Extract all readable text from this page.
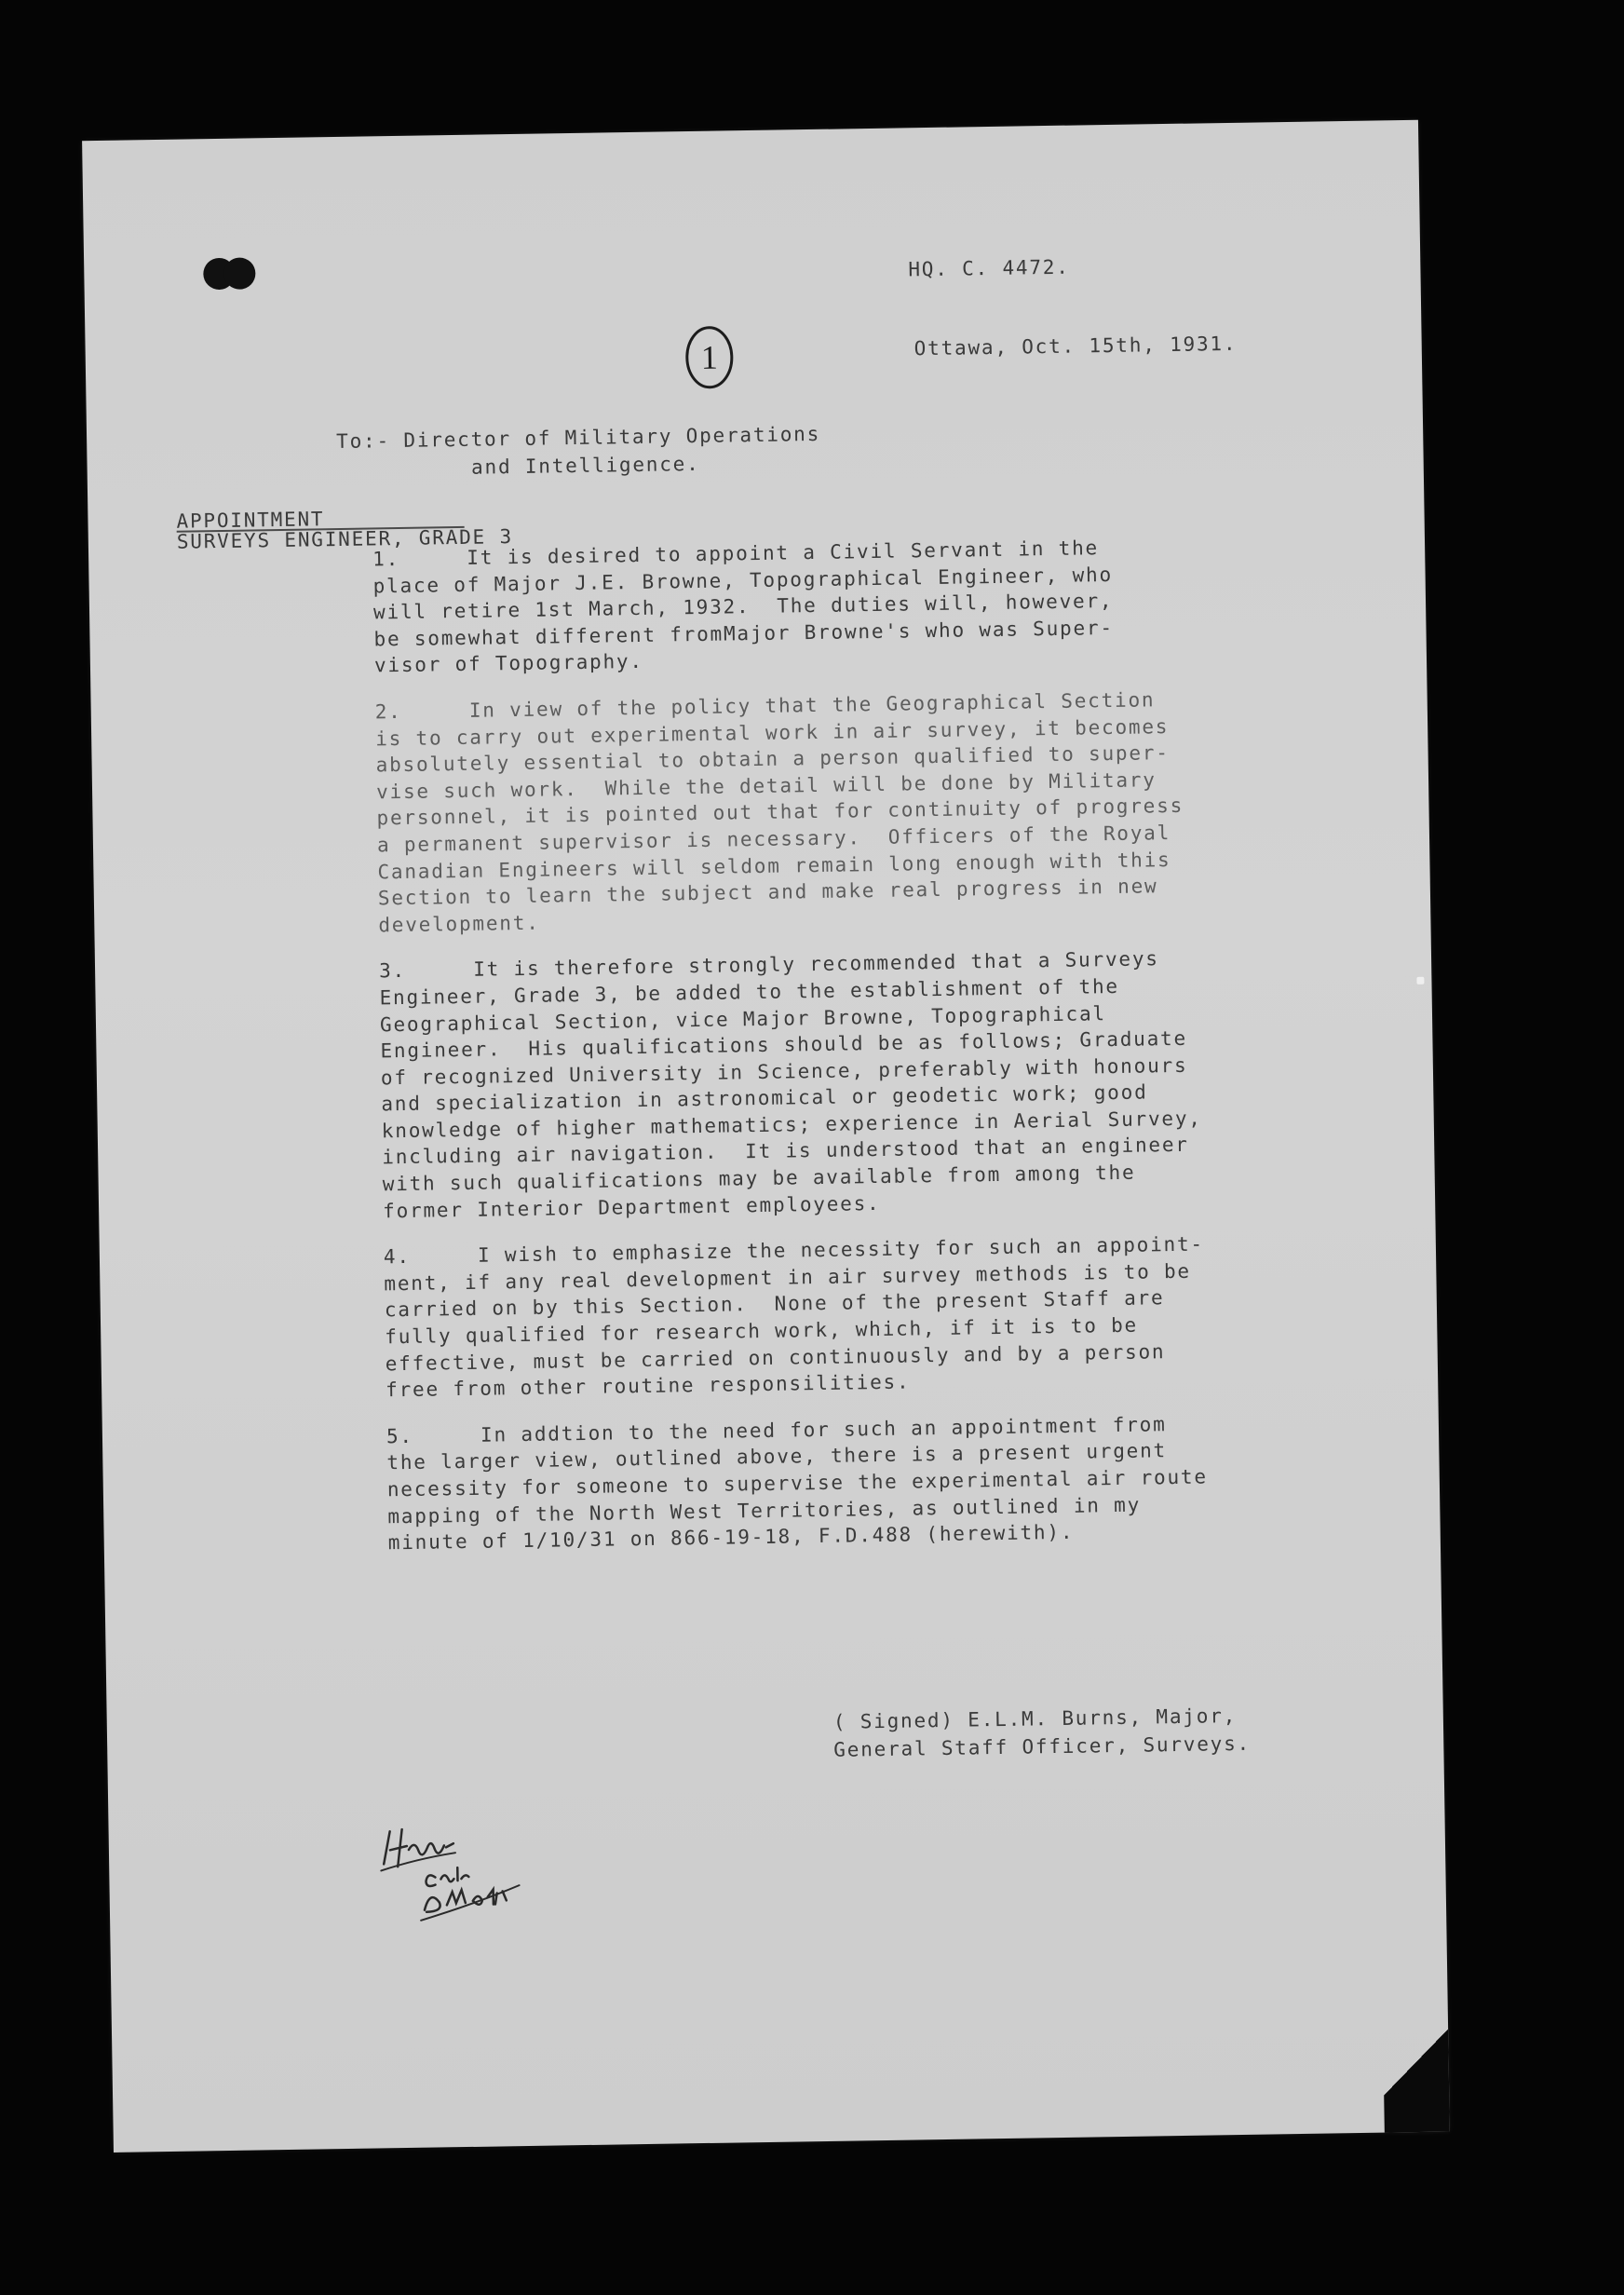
HQ. C. 4472.
Ottawa, Oct. 15th, 1931.
1
To:- Director of Military Operations
and Intelligence.
APPOINTMENT
SURVEYS ENGINEER, GRADE 3
1.     It is desired to appoint a Civil Servant in the
place of Major J.E. Browne, Topographical Engineer, who
will retire 1st March, 1932.  The duties will, however,
be somewhat different fromMajor Browne's who was Super-
visor of Topography.
2.     In view of the policy that the Geographical Section
is to carry out experimental work in air survey, it becomes
absolutely essential to obtain a person qualified to super-
vise such work.  While the detail will be done by Military
personnel, it is pointed out that for continuity of progress
a permanent supervisor is necessary.  Officers of the Royal
Canadian Engineers will seldom remain long enough with this
Section to learn the subject and make real progress in new
development.
3.     It is therefore strongly recommended that a Surveys
Engineer, Grade 3, be added to the establishment of the
Geographical Section, vice Major Browne, Topographical
Engineer.  His qualifications should be as follows; Graduate
of recognized University in Science, preferably with honours
and specialization in astronomical or geodetic work; good
knowledge of higher mathematics; experience in Aerial Survey,
including air navigation.  It is understood that an engineer
with such qualifications may be available from among the
former Interior Department employees.
4.     I wish to emphasize the necessity for such an appoint-
ment, if any real development in air survey methods is to be
carried on by this Section.  None of the present Staff are
fully qualified for research work, which, if it is to be
effective, must be carried on continuously and by a person
free from other routine responsilities.
5.     In addtion to the need for such an appointment from
the larger view, outlined above, there is a present urgent
necessity for someone to supervise the experimental air route
mapping of the North West Territories, as outlined in my
minute of 1/10/31 on 866-19-18, F.D.488 (herewith).
( Signed) E.L.M. Burns, Major,
General Staff Officer, Surveys.
